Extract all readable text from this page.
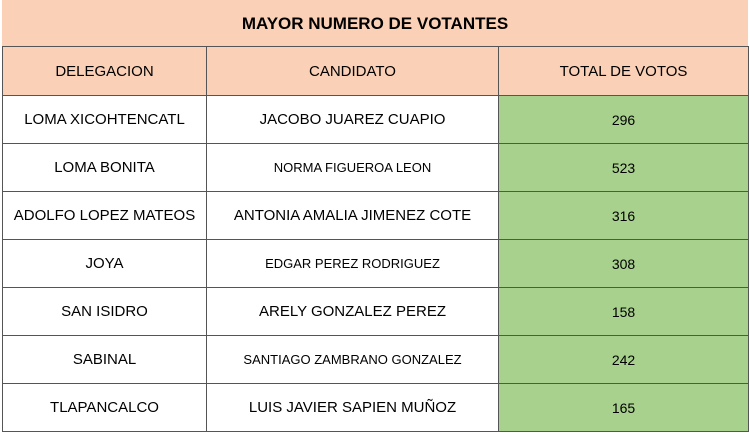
MAYOR NUMERO DE VOTANTES
DELEGACION	CANDIDATO	TOTAL DE VOTOS
LOMA XICOHTENCATL	JACOBO JUAREZ CUAPIO	296
LOMA BONITA	NORMA FIGUEROA LEON	523
ADOLFO LOPEZ MATEOS	ANTONIA AMALIA JIMENEZ COTE	316
JOYA	EDGAR PEREZ RODRIGUEZ	308
SAN ISIDRO	ARELY GONZALEZ PEREZ	158
SABINAL	SANTIAGO ZAMBRANO GONZALEZ	242
TLAPANCALCO	LUIS JAVIER SAPIEN MUÑOZ	165
